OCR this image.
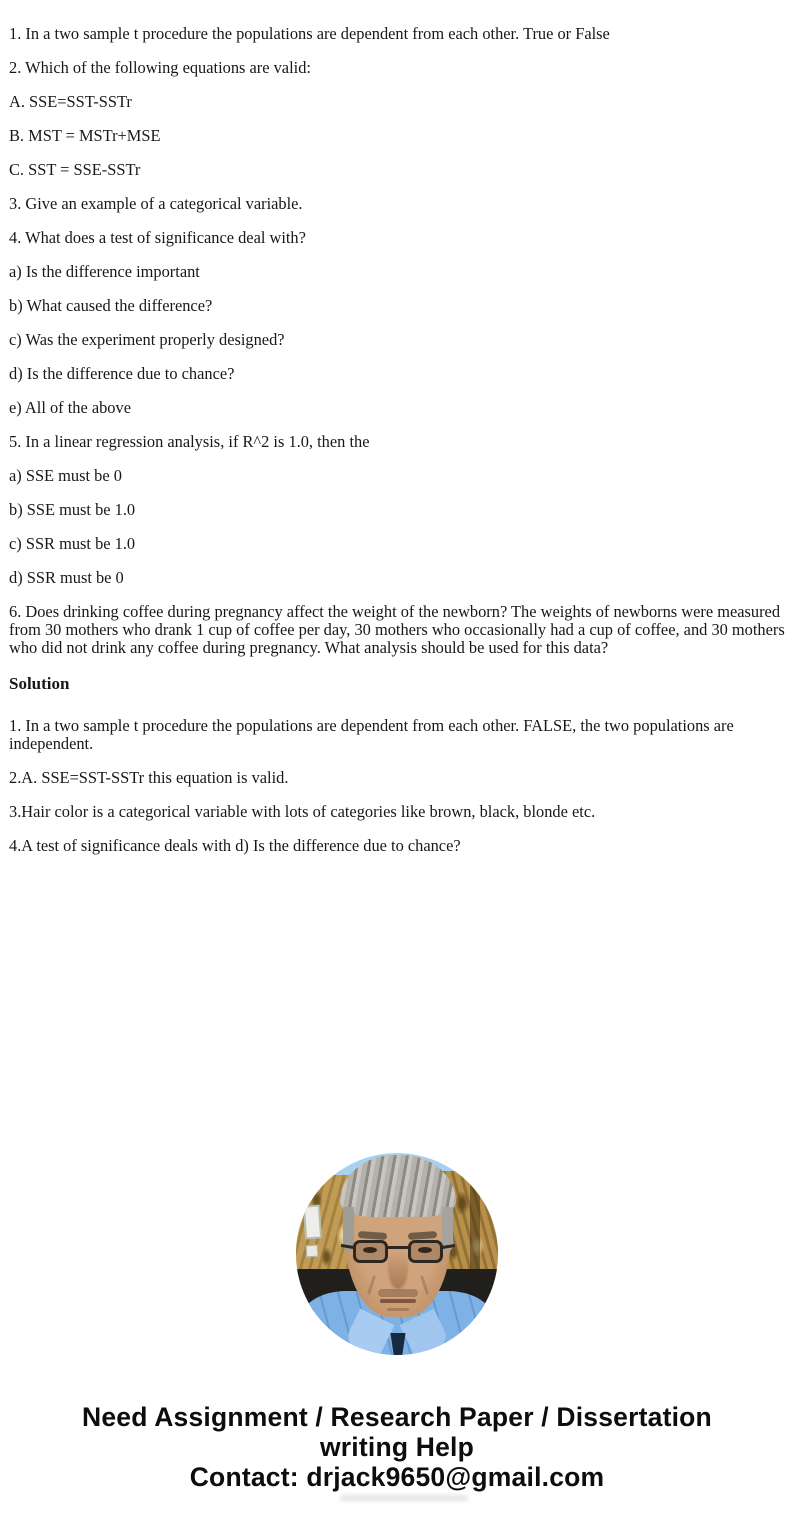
1. In a two sample t procedure the populations are dependent from each other. True or False

2. Which of the following equations are valid:

A. SSE=SST-SSTr

B. MST = MSTr+MSE

C. SST = SSE-SSTr

3. Give an example of a categorical variable.

4. What does a test of significance deal with?

a) Is the difference important

b) What caused the difference?

c) Was the experiment properly designed?

d) Is the difference due to chance?

e) All of the above

5. In a linear regression analysis, if R^2 is 1.0, then the

a) SSE must be 0

b) SSE must be 1.0

c) SSR must be 1.0

d) SSR must be 0

6. Does drinking coffee during pregnancy affect the weight of the newborn? The weights of newborns were measured from 30 mothers who drank 1 cup of coffee per day, 30 mothers who occasionally had a cup of coffee, and 30 mothers who did not drink any coffee during pregnancy. What analysis should be used for this data?

Solution

1. In a two sample t procedure the populations are dependent from each other. FALSE, the two populations are independent.

2.A. SSE=SST-SSTr this equation is valid.

3.Hair color is a categorical variable with lots of categories like brown, black, blonde etc.

4.A test of significance deals with d) Is the difference due to chance?

Need Assignment / Research Paper / Dissertation
writing Help
Contact: drjack9650@gmail.com
